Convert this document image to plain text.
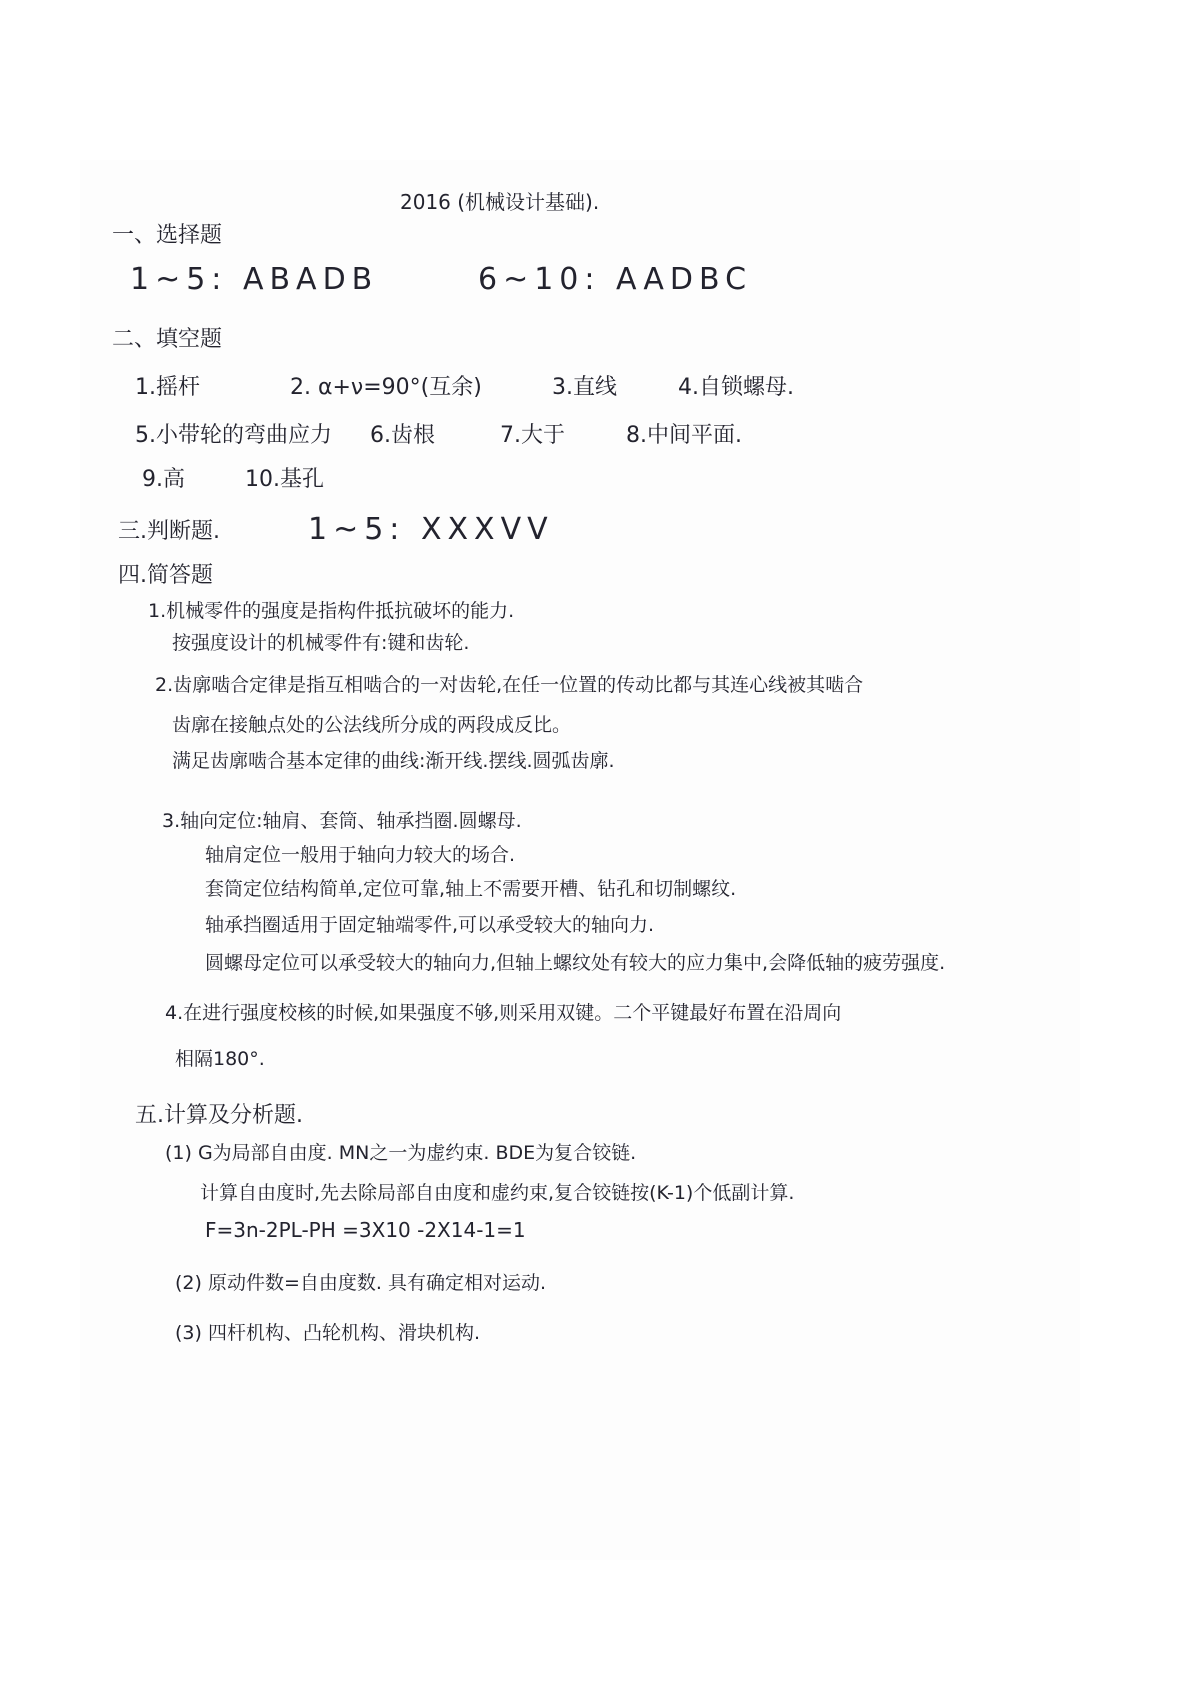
2016 (机械设计基础).
一、选择题
1~5: ABADB	6~10: AADBC
二、填空题
1.摇杆	2. α+ν=90°(互余)	3.直线	4.自锁螺母.
5.小带轮的弯曲应力 6.齿根	7.大于	8.中间平面.
9.高	10.基孔
三.判断题.	1~5: XXXVV
四.简答题
1.机械零件的强度是指构件抵抗破坏的能力.
按强度设计的机械零件有:键和齿轮.
2.齿廓啮合定律是指互相啮合的一对齿轮,在任一位置的传动比都与其连心线被其啮合
齿廓在接触点处的公法线所分成的两段成反比。
满足齿廓啮合基本定律的曲线:渐开线.摆线.圆弧齿廓.
3.轴向定位:轴肩、套筒、轴承挡圈.圆螺母.
轴肩定位一般用于轴向力较大的场合.
套筒定位结构简单,定位可靠,轴上不需要开槽、钻孔和切制螺纹.
轴承挡圈适用于固定轴端零件,可以承受较大的轴向力.
圆螺母定位可以承受较大的轴向力,但轴上螺纹处有较大的应力集中,会降低轴的疲劳强度.
4.在进行强度校核的时候,如果强度不够,则采用双键。二个平键最好布置在沿周向
相隔180°.
五.计算及分析题.
(1) G为局部自由度. MN之一为虚约束. BDE为复合铰链.
计算自由度时,先去除局部自由度和虚约束,复合铰链按(K-1)个低副计算.
F=3n-2PL-PH =3X10 -2X14-1=1
(2) 原动件数=自由度数. 具有确定相对运动.
(3) 四杆机构、凸轮机构、滑块机构.
